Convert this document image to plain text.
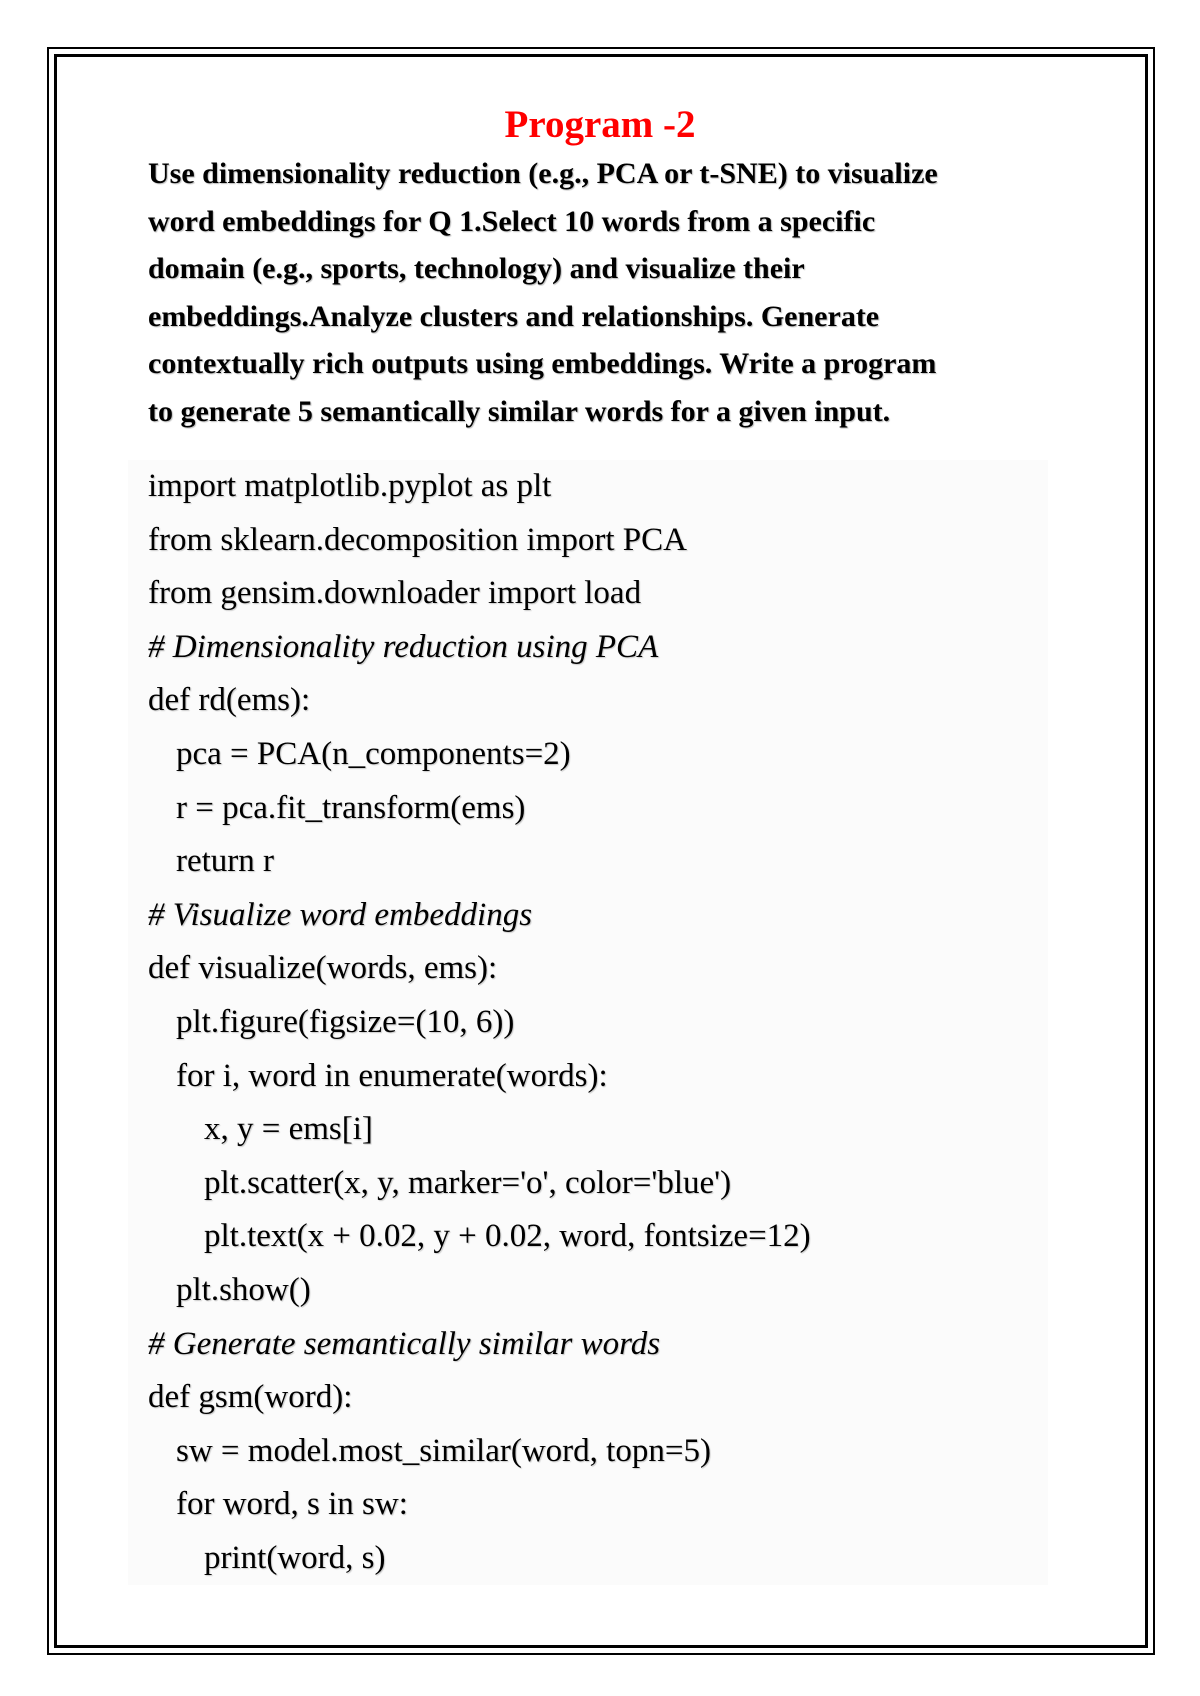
Program -2

Use dimensionality reduction (e.g., PCA or t-SNE) to visualize
word embeddings for Q 1.Select 10 words from a specific
domain (e.g., sports, technology) and visualize their
embeddings.Analyze clusters and relationships. Generate
contextually rich outputs using embeddings. Write a program
to generate 5 semantically similar words for a given input.

import matplotlib.pyplot as plt
from sklearn.decomposition import PCA
from gensim.downloader import load
# Dimensionality reduction using PCA
def rd(ems):
pca = PCA(n_components=2)
r = pca.fit_transform(ems)
return r
# Visualize word embeddings
def visualize(words, ems):
plt.figure(figsize=(10, 6))
for i, word in enumerate(words):
x, y = ems[i]
plt.scatter(x, y, marker='o', color='blue')
plt.text(x + 0.02, y + 0.02, word, fontsize=12)
plt.show()
# Generate semantically similar words
def gsm(word):
sw = model.most_similar(word, topn=5)
for word, s in sw:
print(word, s)
